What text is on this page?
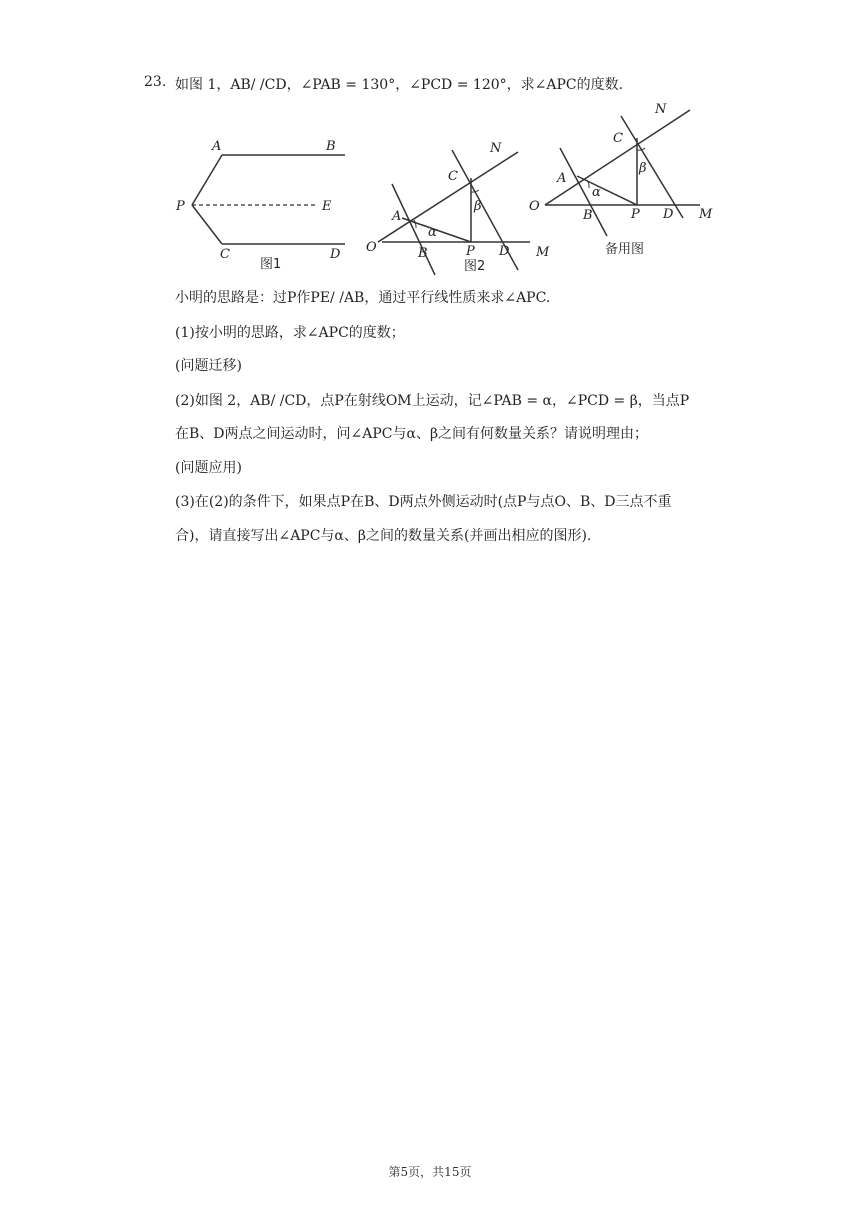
23. 如图 1，AB/ /CD，∠PAB = 130°，∠PCD = 120°，求∠APC的度数.
A	B
P	E
C	D
图1
N
C
A
α
β
O	B	P D M
图2
N
C
A
α
β
O
B	P D M
备用图
小明的思路是：过P作PE/ /AB，通过平行线性质来求∠APC.
(1)按小明的思路，求∠APC的度数；
(问题迁移)
(2)如图 2，AB/ /CD，点P在射线OM上运动，记∠PAB = α，∠PCD = β，当点P
在B、D两点之间运动时，问∠APC与α、β之间有何数量关系？请说明理由；
(问题应用)
(3)在(2)的条件下，如果点P在B、D两点外侧运动时(点P与点O、B、D三点不重
合)，请直接写出∠APC与α、β之间的数量关系(并画出相应的图形).
第5页，共15页
